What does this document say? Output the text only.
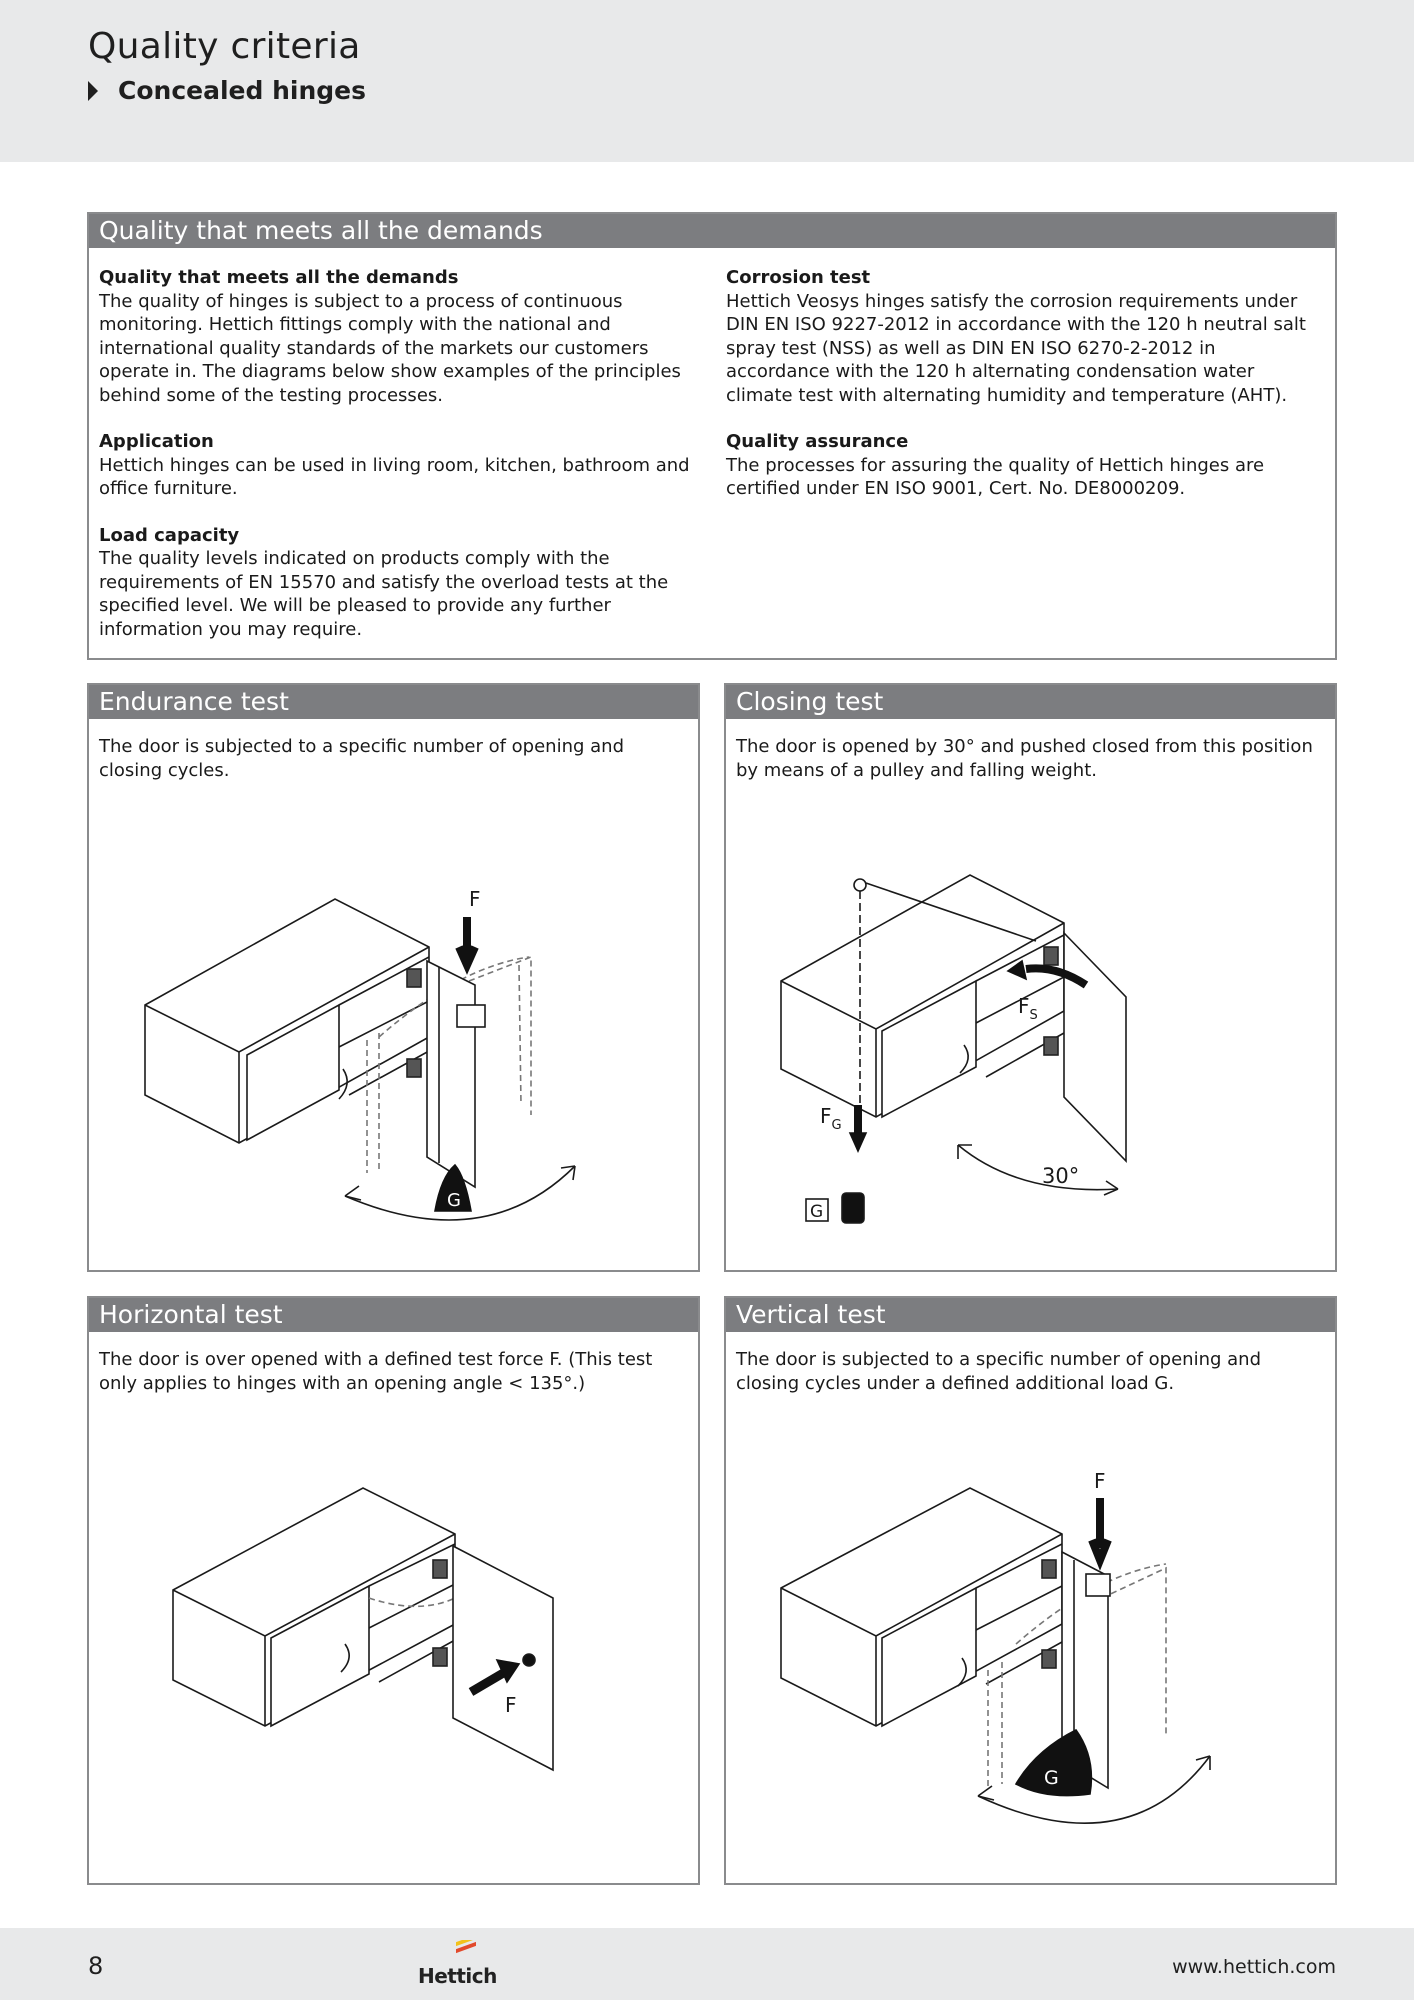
Quality criteria
Concealed hinges
Quality that meets all the demands
Quality that meets all the demands
The quality of hinges is subject to a process of continuous monitoring. Hettich fittings comply with the national and international quality standards of the markets our customers operate in. The diagrams below show examples of the principles behind some of the testing processes.
Application
Hettich hinges can be used in living room, kitchen, bathroom and office furniture.
Load capacity
The quality levels indicated on products comply with the requirements of EN 15570 and satisfy the overload tests at the specified level. We will be pleased to provide any further information you may require.
Corrosion test
Hettich Veosys hinges satisfy the corrosion requirements under DIN EN ISO 9227-2012 in accordance with the 120 h neutral salt spray test (NSS) as well as DIN EN ISO 6270-2-2012 in accordance with the 120 h alternating condensation water climate test with alternating humidity and temperature (AHT).
Quality assurance
The processes for assuring the quality of Hettich hinges are certified under EN ISO 9001, Cert. No. DE8000209.
Endurance test
The door is subjected to a specific number of opening and closing cycles.
F
G
Closing test
The door is opened by 30° and pushed closed from this position by means of a pulley and falling weight.
$F_S$
$F_G$
G
30°
Horizontal test
The door is over opened with a defined test force F. (This test only applies to hinges with an opening angle < 135°.)
F
Vertical test
The door is subjected to a specific number of opening and closing cycles under a defined additional load G.
F
G
8	Hettich	www.hettich.com
